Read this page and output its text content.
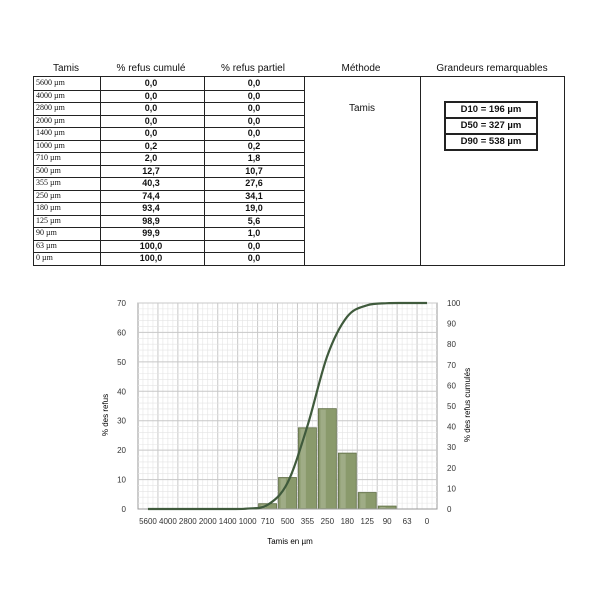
Tamis	% refus cumulé	% refus partiel	Méthode	Grandeurs remarquables
5600 µm	0,0	0,0
4000 µm	0,0	0,0
2800 µm	0,0	0,0
2000 µm	0,0	0,0
1400 µm	0,0	0,0
1000 µm	0,2	0,2
710 µm	2,0	1,8
500 µm	12,7	10,7
355 µm	40,3	27,6
250 µm	74,4	34,1
180 µm	93,4	19,0
125 µm	98,9	5,6
90 µm	99,9	1,0
63 µm	100,0	0,0
0 µm	100,0	0,0
Tamis	D10 = 196 µm
D50 = 327 µm
D90 = 538 µm
0
10
20
30
40
50
60
70
0
10
20
30
40
50
60
70
80
90
100
5600 4000 2800 2000 1400 1000 710 500 355 250 180 125 90 63 0
% des refus	% des refus cumulés
Tamis en µm
